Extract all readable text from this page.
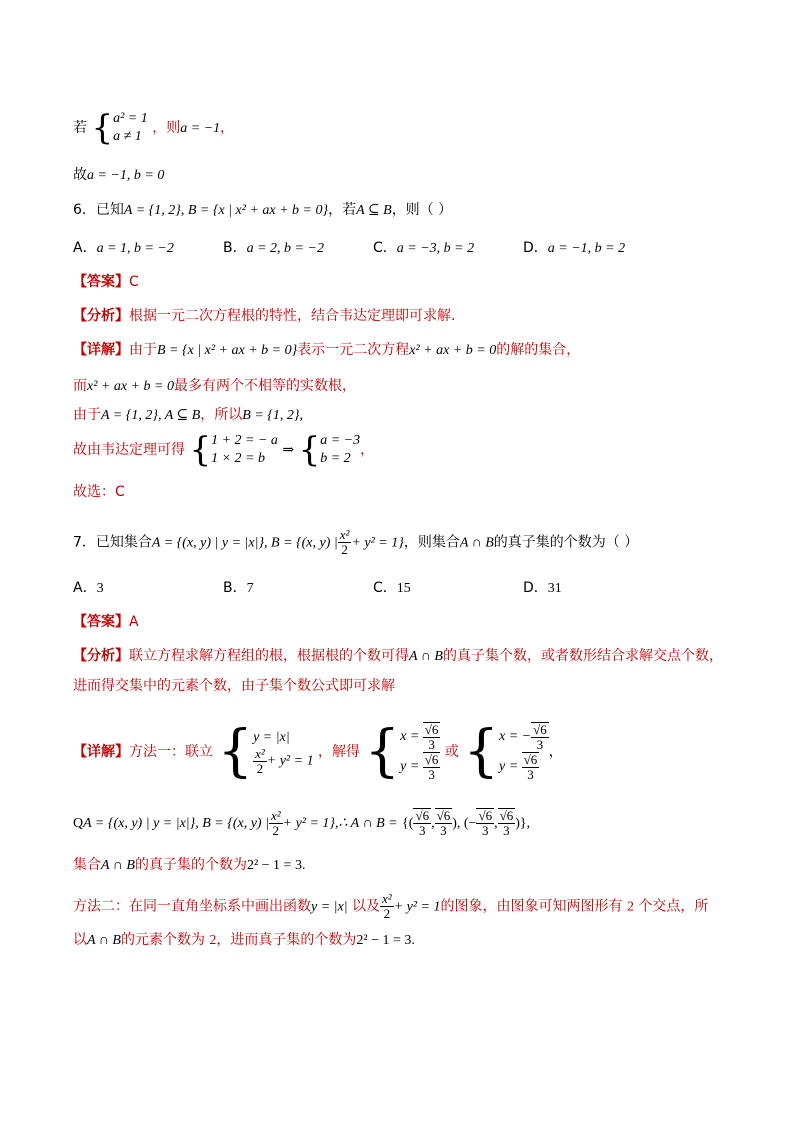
若 { a² = 1
a ≠ 1
，则a = −1，
故a = −1, b = 0
6．已知A = {1, 2}, B = {x | x² + ax + b = 0}，若A ⊆ B，则（ ）
A．a = 1, b = −2	B．a = 2, b = −2	C．a = −3, b = 2	D．a = −1, b = 2
【答案】C
【分析】根据一元二次方程根的特性，结合韦达定理即可求解.
【详解】由于B = {x | x² + ax + b = 0}表示一元二次方程x² + ax + b = 0的解的集合，
而x² + ax + b = 0最多有两个不相等的实数根，
由于A = {1, 2}, A ⊆ B，所以B = {1, 2},
故由韦达定理可得 { 1 + 2 = − a
1 × 2 = b
⇒ { a = −3
b = 2
，
故选：C
7．已知集合A = {(x, y) | y = |x|}, B = {(x, y) | $\frac{\text{x²}}{2} + y^2 = 1$}，则集合A ∩ B的真子集的个数为（ ）
A．3	B．7	C．15	D．31
【答案】A
【分析】联立方程求解方程组的根，根据根的个数可得A ∩ B的真子集个数，或者数形结合求解交点个数，
进而得交集中的元素个数，由子集个数公式即可求解
【详解】方法一：联立 { y = |x|
$\frac{\text{x²}}{2} + y^2 = 1$
，解得 { $x = \frac{√6}{3}$
$y = \frac{√6}{3}$ 或 { x = − $\frac{√6}{3}$
$y = \frac{√6}{3}$ ，
QA = {(x, y) | y = |x|}, B = {(x, y) | $\frac{\text{x²}}{2} + y^2$ = 1},∴ A ∩ B = {( $\frac{√6}{3}$ , $\frac{√6}{3}$ ), (− $\frac{√6}{3}$ , $\frac{√6}{3}$ )},
集合A ∩ B的真子集的个数为2² − 1 = 3.
方法二：在同一直角坐标系中画出函数y = |x| 以及 $\frac{\text{x²}}{2} + y^2 = 1$的图象，由图象可知两图形有 2 个交点，所
以A ∩ B的元素个数为 2，进而真子集的个数为2² − 1 = 3.
